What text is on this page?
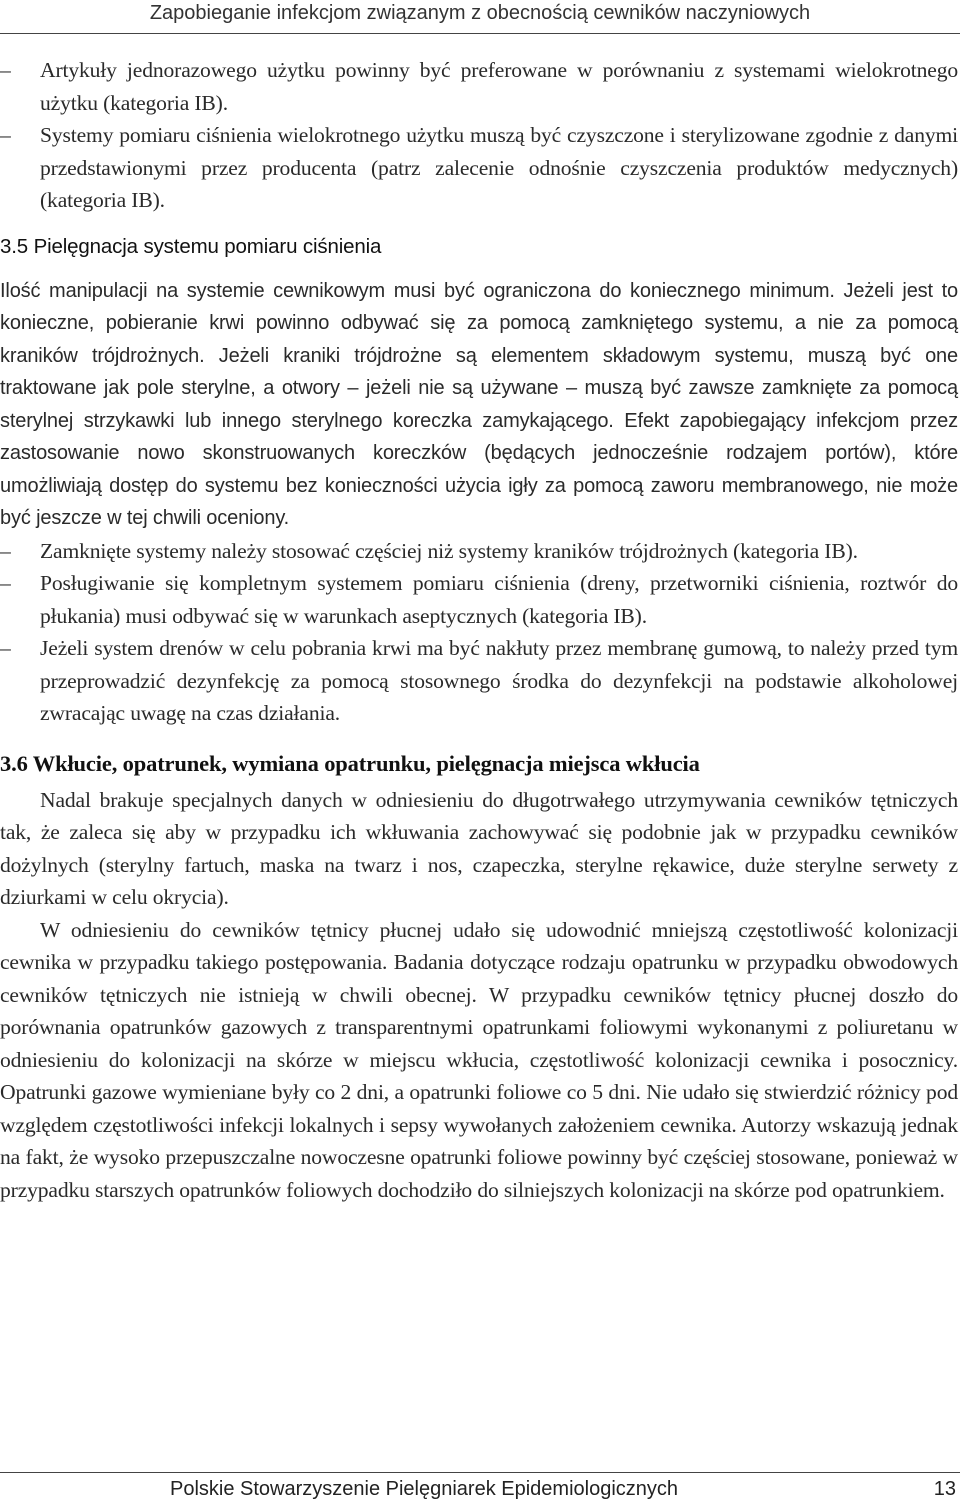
Zapobieganie infekcjom związanym z obecnością cewników naczyniowych
–	Artykuły jednorazowego użytku powinny być preferowane w porównaniu z systemami wielokrotnego użytku (kategoria IB).
–	Systemy pomiaru ciśnienia wielokrotnego użytku muszą być czyszczone i sterylizowane zgodnie z danymi przedstawionymi przez producenta (patrz zalecenie odnośnie czyszczenia produktów medycznych) (kategoria IB).
3.5 Pielęgnacja systemu pomiaru ciśnienia
Ilość manipulacji na systemie cewnikowym musi być ograniczona do koniecznego minimum. Jeżeli jest to konieczne, pobieranie krwi powinno odbywać się za pomocą zamkniętego systemu, a nie za pomocą kraników trójdrożnych. Jeżeli kraniki trójdrożne są elementem składowym systemu, muszą być one traktowane jak pole sterylne, a otwory – jeżeli nie są używane – muszą być zawsze zamknięte za pomocą sterylnej strzykawki lub innego sterylnego koreczka zamykającego. Efekt zapobiegający infekcjom przez zastosowanie nowo skonstruowanych koreczków (będących jednocześnie rodzajem portów), które umożliwiają dostęp do systemu bez konieczności użycia igły za pomocą zaworu membranowego, nie może być jeszcze w tej chwili oceniony.
–	Zamknięte systemy należy stosować częściej niż systemy kraników trójdrożnych (kategoria IB).
–	Posługiwanie się kompletnym systemem pomiaru ciśnienia (dreny, przetworniki ciśnienia, roztwór do płukania) musi odbywać się w warunkach aseptycznych (kategoria IB).
–	Jeżeli system drenów w celu pobrania krwi ma być nakłuty przez membranę gumową, to należy przed tym przeprowadzić dezynfekcję za pomocą stosownego środka do dezynfekcji na podstawie alkoholowej zwracając uwagę na czas działania.
3.6 Wkłucie, opatrunek, wymiana opatrunku, pielęgnacja miejsca wkłucia
Nadal brakuje specjalnych danych w odniesieniu do długotrwałego utrzymywania cewników tętniczych tak, że zaleca się aby w przypadku ich wkłuwania zachowywać się podobnie jak w przypadku cewników dożylnych (sterylny fartuch, maska na twarz i nos, czapeczka, sterylne rękawice, duże sterylne serwety z dziurkami w celu okrycia).
W odniesieniu do cewników tętnicy płucnej udało się udowodnić mniejszą częstotliwość kolonizacji cewnika w przypadku takiego postępowania. Badania dotyczące rodzaju opatrunku w przypadku obwodowych cewników tętniczych nie istnieją w chwili obecnej. W przypadku cewników tętnicy płucnej doszło do porównania opatrunków gazowych z transparentnymi opatrunkami foliowymi wykonanymi z poliuretanu w odniesieniu do kolonizacji na skórze w miejscu wkłucia, częstotliwość kolonizacji cewnika i posocznicy. Opatrunki gazowe wymieniane były co 2 dni, a opatrunki foliowe co 5 dni. Nie udało się stwierdzić różnicy pod względem częstotliwości infekcji lokalnych i sepsy wywołanych założeniem cewnika. Autorzy wskazują jednak na fakt, że wysoko przepuszczalne nowoczesne opatrunki foliowe powinny być częściej stosowane, ponieważ w przypadku starszych opatrunków foliowych dochodziło do silniejszych kolonizacji na skórze pod opatrunkiem.
Polskie Stowarzyszenie Pielęgniarek Epidemiologicznych	13
